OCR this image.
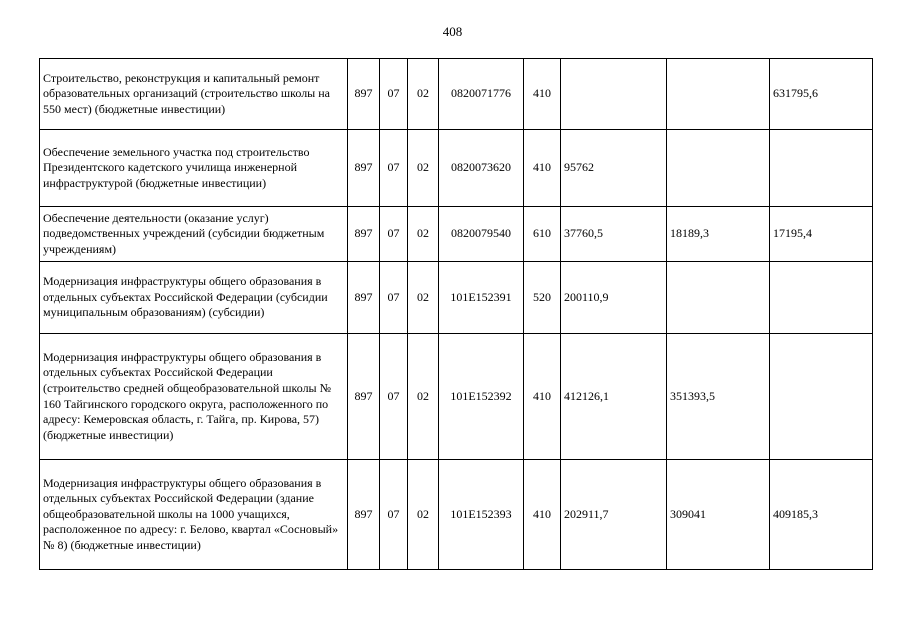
408
Строительство, реконструкция и капитальный ремонт образовательных организаций (строительство школы на 550 мест) (бюджетные инвестиции)	897	07	02	0820071776	410			631795,6
Обеспечение земельного участка под строительство Президентского кадетского училища инженерной инфраструктурой (бюджетные инвестиции)	897	07	02	0820073620	410	95762		
Обеспечение деятельности (оказание услуг) подведомственных учреждений (субсидии бюджетным учреждениям)	897	07	02	0820079540	610	37760,5	18189,3	17195,4
Модернизация инфраструктуры общего образования в отдельных субъектах Российской Федерации (субсидии муниципальным образованиям) (субсидии)	897	07	02	101E152391	520	200110,9		
Модернизация инфраструктуры общего образования в отдельных субъектах Российской Федерации (строительство средней общеобразовательной школы № 160 Тайгинского городского округа, расположенного по адресу: Кемеровская область, г. Тайга, пр. Кирова, 57) (бюджетные инвестиции)	897	07	02	101E152392	410	412126,1	351393,5	
Модернизация инфраструктуры общего образования в отдельных субъектах Российской Федерации (здание общеобразовательной школы на 1000 учащихся, расположенное по адресу: г. Белово, квартал «Сосновый» № 8) (бюджетные инвестиции)	897	07	02	101E152393	410	202911,7	309041	409185,3
